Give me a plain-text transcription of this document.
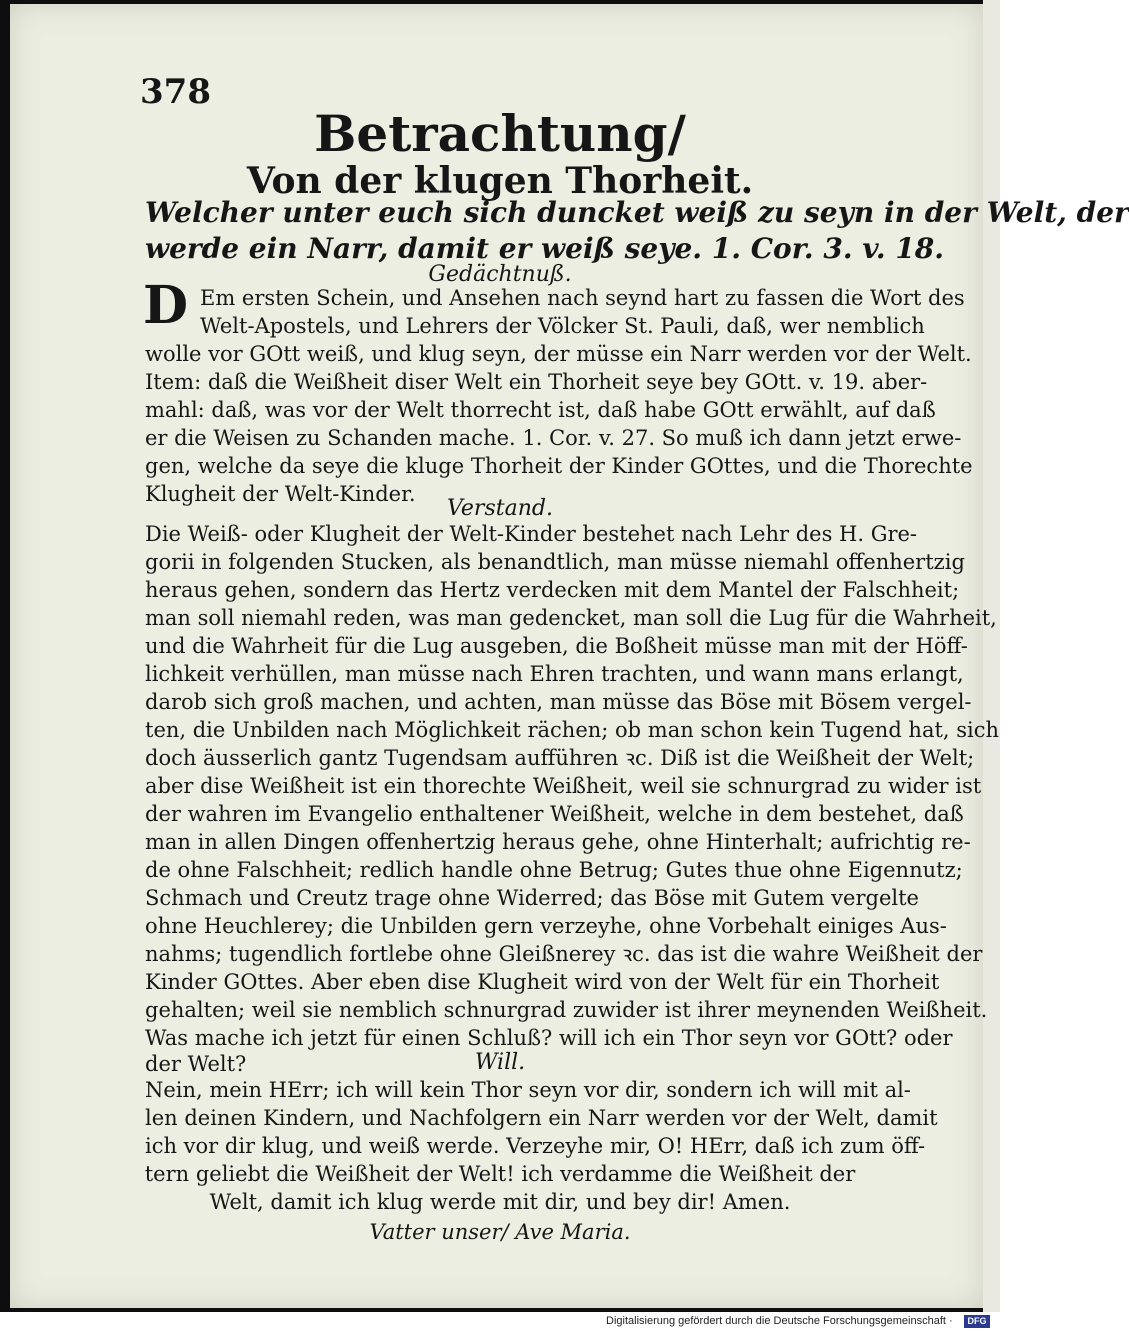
378
Betrachtung/
Von der klugen Thorheit.
Welcher unter euch sich duncket weiß zu seyn in der Welt, der
werde ein Narr, damit er weiß seye. 1. Cor. 3. v. 18.
Gedächtnuß.
D Em ersten Schein, und Ansehen nach seynd hart zu fassen die Wort des
Welt-Apostels, und Lehrers der Völcker St. Pauli, daß, wer nemblich
wolle vor GOtt weiß, und klug seyn, der müsse ein Narr werden vor der Welt.
Item: daß die Weißheit diser Welt ein Thorheit seye bey GOtt. v. 19. aber-
mahl: daß, was vor der Welt thorrecht ist, daß habe GOtt erwählt, auf daß
er die Weisen zu Schanden mache. 1. Cor. v. 27. So muß ich dann jetzt erwe-
gen, welche da seye die kluge Thorheit der Kinder GOttes, und die Thorechte
Klugheit der Welt-Kinder.
Verstand.
Die Weiß- oder Klugheit der Welt-Kinder bestehet nach Lehr des H. Gre-
gorii in folgenden Stucken, als benandtlich, man müsse niemahl offenhertzig
heraus gehen, sondern das Hertz verdecken mit dem Mantel der Falschheit;
man soll niemahl reden, was man gedencket, man soll die Lug für die Wahrheit,
und die Wahrheit für die Lug ausgeben, die Boßheit müsse man mit der Höff-
lichkeit verhüllen, man müsse nach Ehren trachten, und wann mans erlangt,
darob sich groß machen, und achten, man müsse das Böse mit Bösem vergel-
ten, die Unbilden nach Möglichkeit rächen; ob man schon kein Tugend hat, sich
doch äusserlich gantz Tugendsam aufführen ꝛc. Diß ist die Weißheit der Welt;
aber dise Weißheit ist ein thorechte Weißheit, weil sie schnurgrad zu wider ist
der wahren im Evangelio enthaltener Weißheit, welche in dem bestehet, daß
man in allen Dingen offenhertzig heraus gehe, ohne Hinterhalt; aufrichtig re-
de ohne Falschheit; redlich handle ohne Betrug; Gutes thue ohne Eigennutz;
Schmach und Creutz trage ohne Widerred; das Böse mit Gutem vergelte
ohne Heuchlerey; die Unbilden gern verzeyhe, ohne Vorbehalt einiges Aus-
nahms; tugendlich fortlebe ohne Gleißnerey ꝛc. das ist die wahre Weißheit der
Kinder GOttes. Aber eben dise Klugheit wird von der Welt für ein Thorheit
gehalten; weil sie nemblich schnurgrad zuwider ist ihrer meynenden Weißheit.
Was mache ich jetzt für einen Schluß? will ich ein Thor seyn vor GOtt? oder
der Welt?	Will.
Nein, mein HErr; ich will kein Thor seyn vor dir, sondern ich will mit al-
len deinen Kindern, und Nachfolgern ein Narr werden vor der Welt, damit
ich vor dir klug, und weiß werde. Verzeyhe mir, O! HErr, daß ich zum öff-
tern geliebt die Weißheit der Welt! ich verdamme die Weißheit der
Welt, damit ich klug werde mit dir, und bey dir! Amen.
Vatter unser/ Ave Maria.
Digitalisierung gefördert durch die Deutsche Forschungsgemeinschaft ·	DFG
